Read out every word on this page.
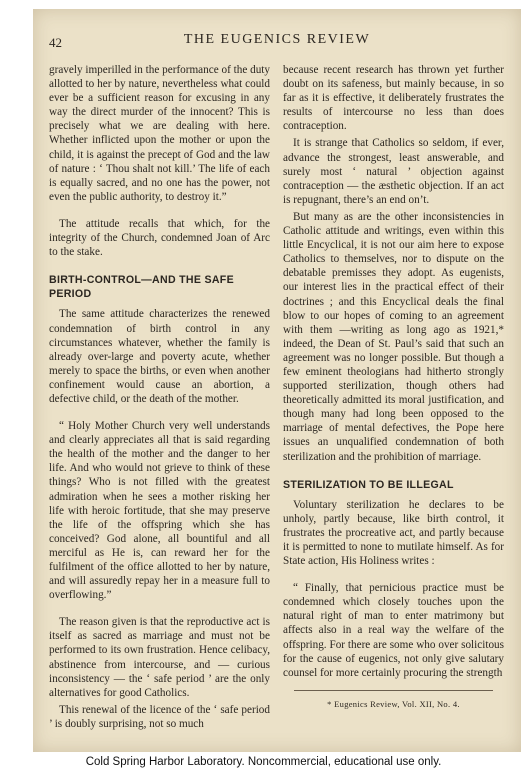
42	THE EUGENICS REVIEW

gravely imperilled in the performance of the duty allotted to her by nature, nevertheless what could ever be a sufficient reason for excusing in any way the direct murder of the innocent? This is precisely what we are dealing with here. Whether inflicted upon the mother or upon the child, it is against the precept of God and the law of nature : ‘ Thou shalt not kill.’ The life of each is equally sacred, and no one has the power, not even the public authority, to destroy it.”

The attitude recalls that which, for the integrity of the Church, condemned Joan of Arc to the stake.

BIRTH-CONTROL—AND THE SAFE PERIOD

The same attitude characterizes the renewed condemnation of birth control in any circumstances whatever, whether the family is already over-large and poverty acute, whether merely to space the births, or even when another confinement would cause an abortion, a defective child, or the death of the mother.

“ Holy Mother Church very well understands and clearly appreciates all that is said regarding the health of the mother and the danger to her life. And who would not grieve to think of these things? Who is not filled with the greatest admiration when he sees a mother risking her life with heroic fortitude, that she may preserve the life of the offspring which she has conceived? God alone, all bountiful and all merciful as He is, can reward her for the fulfilment of the office allotted to her by nature, and will assuredly repay her in a measure full to overflowing.”

The reason given is that the reproductive act is itself as sacred as marriage and must not be performed to its own frustration. Hence celibacy, abstinence from intercourse, and — curious inconsistency — the ‘ safe period ’ are the only alternatives for good Catholics.

This renewal of the licence of the ‘ safe period ’ is doubly surprising, not so much

because recent research has thrown yet further doubt on its safeness, but mainly because, in so far as it is effective, it deliberately frustrates the results of intercourse no less than does contraception.

It is strange that Catholics so seldom, if ever, advance the strongest, least answerable, and surely most ‘ natural ’ objection against contraception — the æsthetic objection. If an act is repugnant, there’s an end on’t.

But many as are the other inconsistencies in Catholic attitude and writings, even within this little Encyclical, it is not our aim here to expose Catholics to themselves, nor to dispute on the debatable premisses they adopt. As eugenists, our interest lies in the practical effect of their doctrines ; and this Encyclical deals the final blow to our hopes of coming to an agreement with them —writing as long ago as 1921,* indeed, the Dean of St. Paul’s said that such an agreement was no longer possible. But though a few eminent theologians had hitherto strongly supported sterilization, though others had theoretically admitted its moral justification, and though many had long been opposed to the marriage of mental defectives, the Pope here issues an unqualified condemnation of both sterilization and the prohibition of marriage.

STERILIZATION TO BE ILLEGAL

Voluntary sterilization he declares to be unholy, partly because, like birth control, it frustrates the procreative act, and partly because it is permitted to none to mutilate himself. As for State action, His Holiness writes :

“ Finally, that pernicious practice must be condemned which closely touches upon the natural right of man to enter matrimony but affects also in a real way the welfare of the offspring. For there are some who over solicitous for the cause of eugenics, not only give salutary counsel for more certainly procuring the strength

* Eugenics Review, Vol. XII, No. 4.
Cold Spring Harbor Laboratory. Noncommercial, educational use only.
